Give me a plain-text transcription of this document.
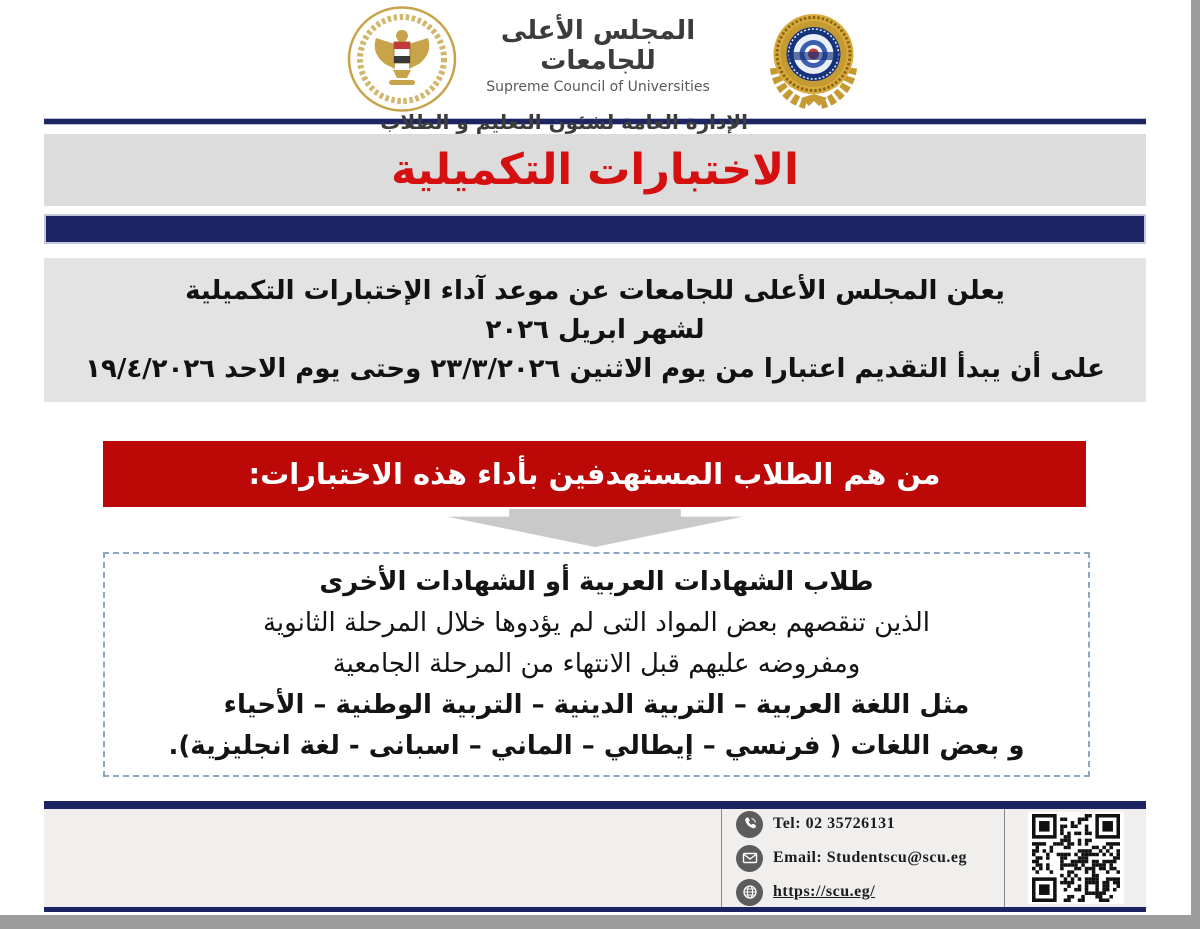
المجلس الأعلى للجامعات
Supreme Council of Universities
الإدارة العامة لشئون التعليم و الطلاب
الاختبارات التكميلية

يعلن المجلس الأعلى للجامعات عن موعد آداء الإختبارات التكميلية

لشهر ابريل ٢٠٢٦

على أن يبدأ التقديم اعتبارا من يوم الاثنين ٢٣/٣/٢٠٢٦ وحتى يوم الاحد ١٩/٤/٢٠٢٦

من هم الطلاب المستهدفين بأداء هذه الاختبارات:

طلاب الشهادات العربية أو الشهادات الأخرى

الذين تنقصهم بعض المواد التى لم يؤدوها خلال المرحلة الثانوية

ومفروضه عليهم قبل الانتهاء من المرحلة الجامعية

مثل اللغة العربية – التربية الدينية – التربية الوطنية – الأحياء

و بعض اللغات ( فرنسي – إيطالي – الماني – اسبانى - لغة انجليزية).

Tel: 02 35726131
Email: Studentscu@scu.eg
https://scu.eg/
